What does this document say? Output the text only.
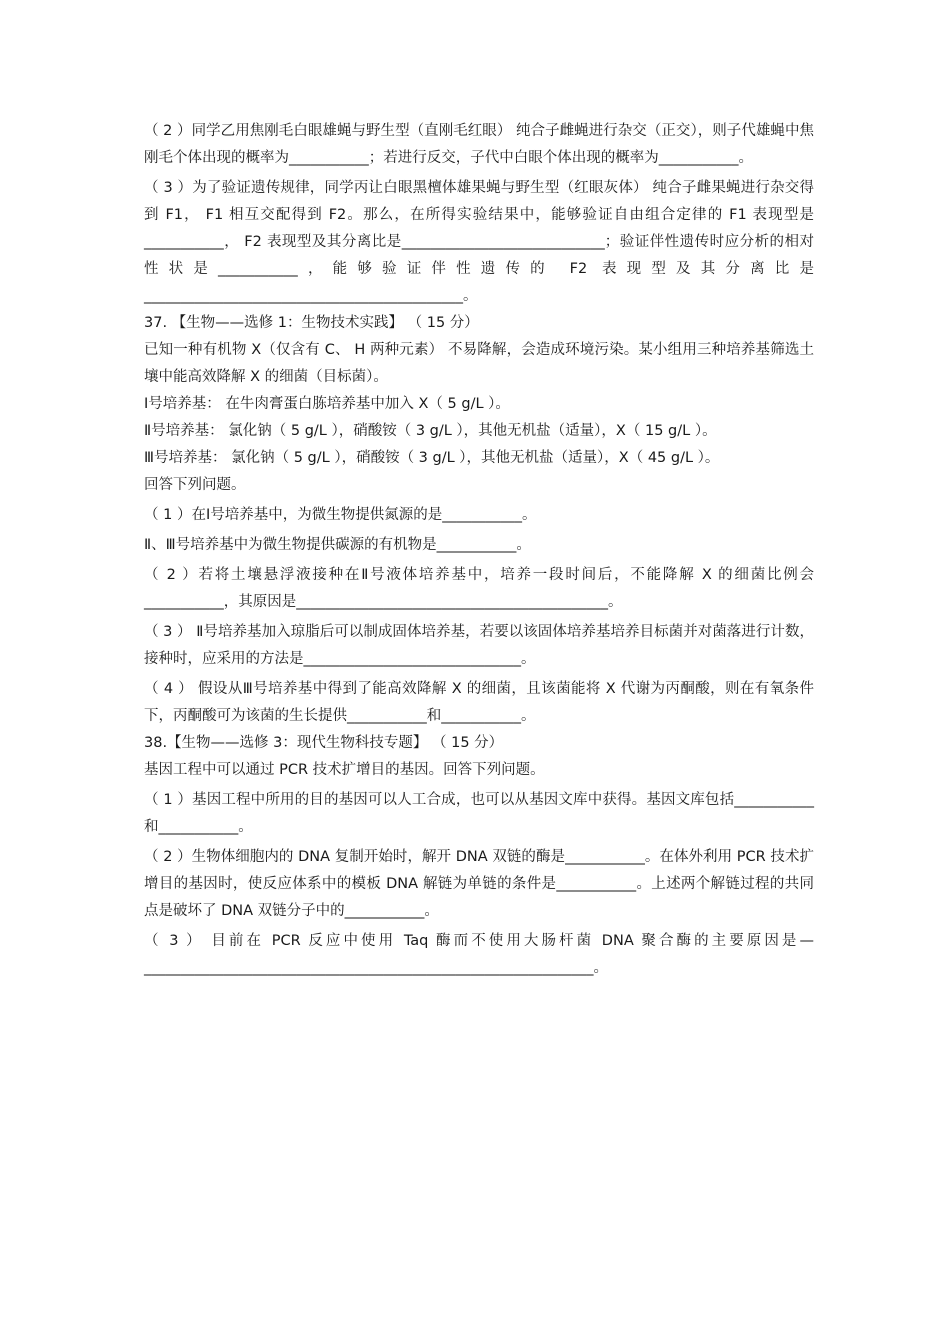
（ 2 ）同学乙用焦刚毛白眼雄蝇与野生型（直刚毛红眼） 纯合子雌蝇进行杂交（正交），则子代雄蝇中焦刚毛个体出现的概率为___________；若进行反交，子代中白眼个体出现的概率为___________。

（ 3 ）为了验证遗传规律，同学丙让白眼黑檀体雄果蝇与野生型（红眼灰体） 纯合子雌果蝇进行杂交得到 F1， F1 相互交配得到 F2。那么，在所得实验结果中，能够验证自由组合定律的 F1 表现型是___________， F2 表现型及其分离比是____________________________；验证伴性遗传时应分析的相对性状是___________，能够验证伴性遗传的 F2 表现型及其分离比是____________________________________________。

37. 【生物——选修 1：生物技术实践】 （ 15 分）

已知一种有机物 X（仅含有 C、 H 两种元素） 不易降解，会造成环境污染。某小组用三种培养基筛选土壤中能高效降解 X 的细菌（目标菌）。

Ⅰ号培养基： 在牛肉膏蛋白胨培养基中加入 X（ 5 g/L ）。

Ⅱ号培养基： 氯化钠（ 5 g/L ），硝酸铵（ 3 g/L ），其他无机盐（适量），X（ 15 g/L ）。

Ⅲ号培养基： 氯化钠（ 5 g/L ），硝酸铵（ 3 g/L ），其他无机盐（适量），X（ 45 g/L ）。

回答下列问题。

（ 1 ）在Ⅰ号培养基中，为微生物提供氮源的是___________。

Ⅱ、Ⅲ号培养基中为微生物提供碳源的有机物是___________。

（ 2 ）若将土壤悬浮液接种在Ⅱ号液体培养基中，培养一段时间后，不能降解 X 的细菌比例会___________，其原因是___________________________________________。

（ 3 ） Ⅱ号培养基加入琼脂后可以制成固体培养基，若要以该固体培养基培养目标菌并对菌落进行计数，接种时，应采用的方法是______________________________。

（ 4 ） 假设从Ⅲ号培养基中得到了能高效降解 X 的细菌，且该菌能将 X 代谢为丙酮酸，则在有氧条件下，丙酮酸可为该菌的生长提供___________和___________。

38.【生物——选修 3：现代生物科技专题】 （ 15 分）

基因工程中可以通过 PCR 技术扩增目的基因。回答下列问题。

（ 1 ）基因工程中所用的目的基因可以人工合成，也可以从基因文库中获得。基因文库包括___________和___________。

（ 2 ）生物体细胞内的 DNA 复制开始时，解开 DNA 双链的酶是___________。在体外利用 PCR 技术扩增目的基因时，使反应体系中的模板 DNA 解链为单链的条件是___________。上述两个解链过程的共同点是破坏了 DNA 双链分子中的___________。

（ 3 ） 目前在 PCR 反应中使用 Taq 酶而不使用大肠杆菌 DNA 聚合酶的主要原因是—______________________________________________________________。
